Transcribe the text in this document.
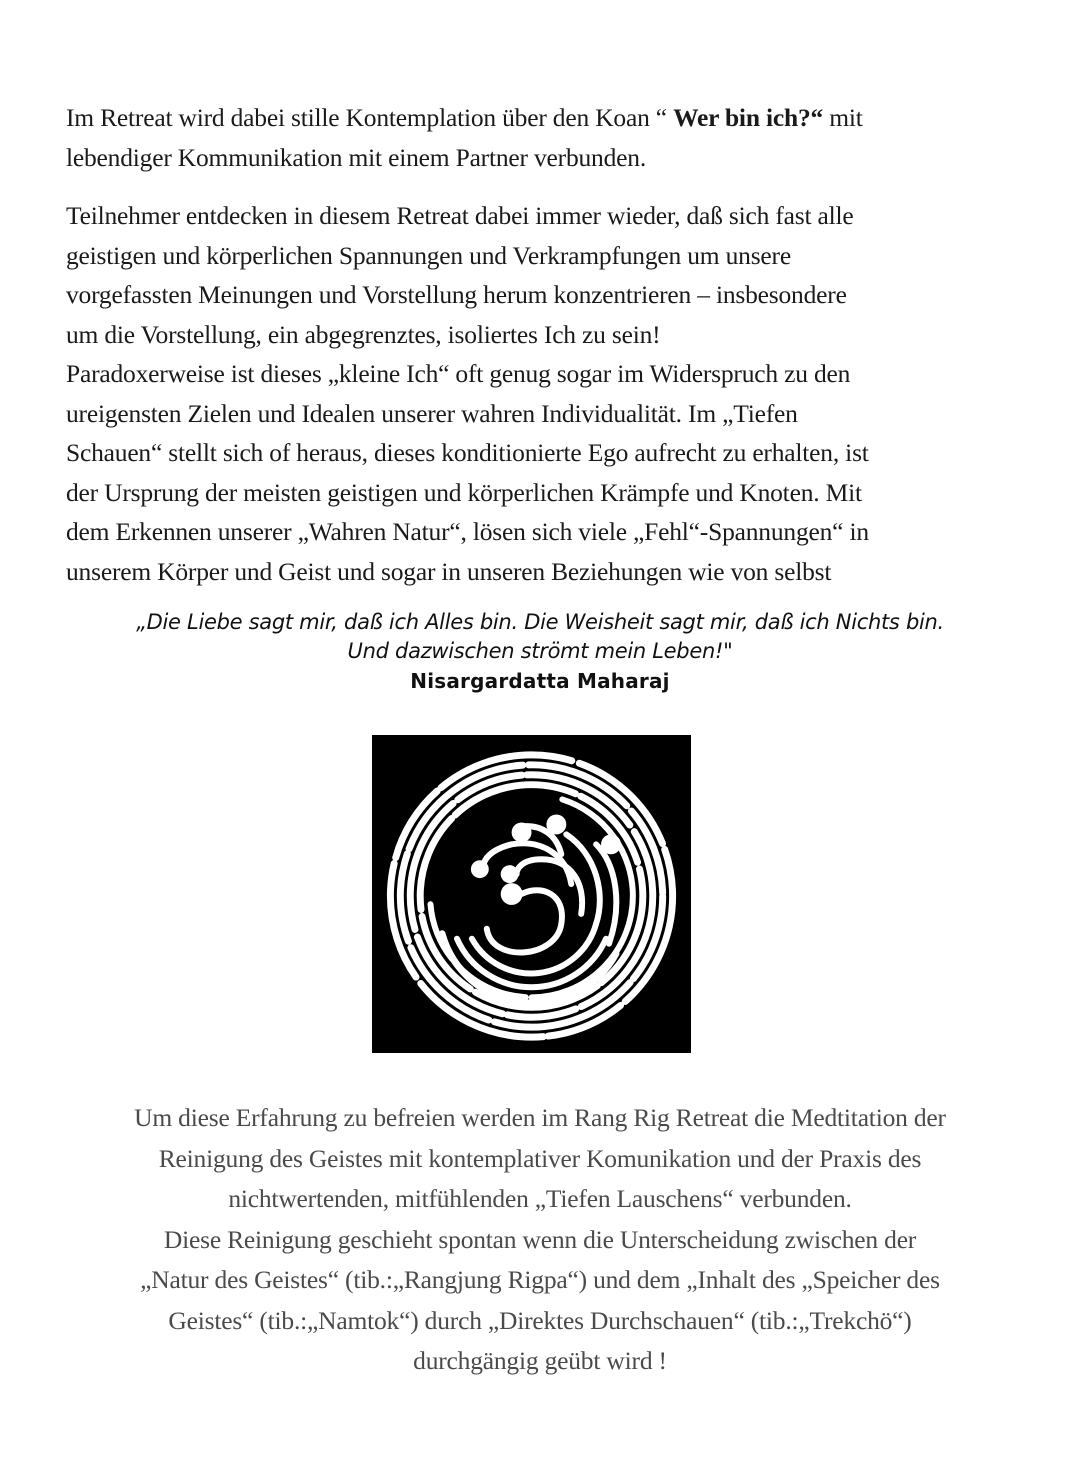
Im Retreat wird dabei stille Kontemplation über den Koan “ Wer bin ich?“ mit
lebendiger Kommunikation mit einem Partner verbunden.
Teilnehmer entdecken in diesem Retreat dabei immer wieder, daß sich fast alle
geistigen und körperlichen Spannungen und Verkrampfungen um unsere
vorgefassten Meinungen und Vorstellung herum konzentrieren – insbesondere
um die Vorstellung, ein abgegrenztes, isoliertes Ich zu sein!
Paradoxerweise ist dieses „kleine Ich“ oft genug sogar im Widerspruch zu den
ureigensten Zielen und Idealen unserer wahren Individualität. Im „Tiefen
Schauen“ stellt sich of heraus, dieses konditionierte Ego aufrecht zu erhalten, ist
der Ursprung der meisten geistigen und körperlichen Krämpfe und Knoten. Mit
dem Erkennen unserer „Wahren Natur“, lösen sich viele „Fehl“-Spannungen“ in
unserem Körper und Geist und sogar in unseren Beziehungen wie von selbst
„Die Liebe sagt mir, daß ich Alles bin. Die Weisheit sagt mir, daß ich Nichts bin.
Und dazwischen strömt mein Leben!"
Nisargardatta Maharaj
Um diese Erfahrung zu befreien werden im Rang Rig Retreat die Medtitation der
Reinigung des Geistes mit kontemplativer Komunikation und der Praxis des
nichtwertenden, mitfühlenden „Tiefen Lauschens“ verbunden.
Diese Reinigung geschieht spontan wenn die Unterscheidung zwischen der
„Natur des Geistes“ (tib.:„Rangjung Rigpa“) und dem „Inhalt des „Speicher des
Geistes“ (tib.:„Namtok“) durch „Direktes Durchschauen“ (tib.:„Trekchö“)
durchgängig geübt wird !
